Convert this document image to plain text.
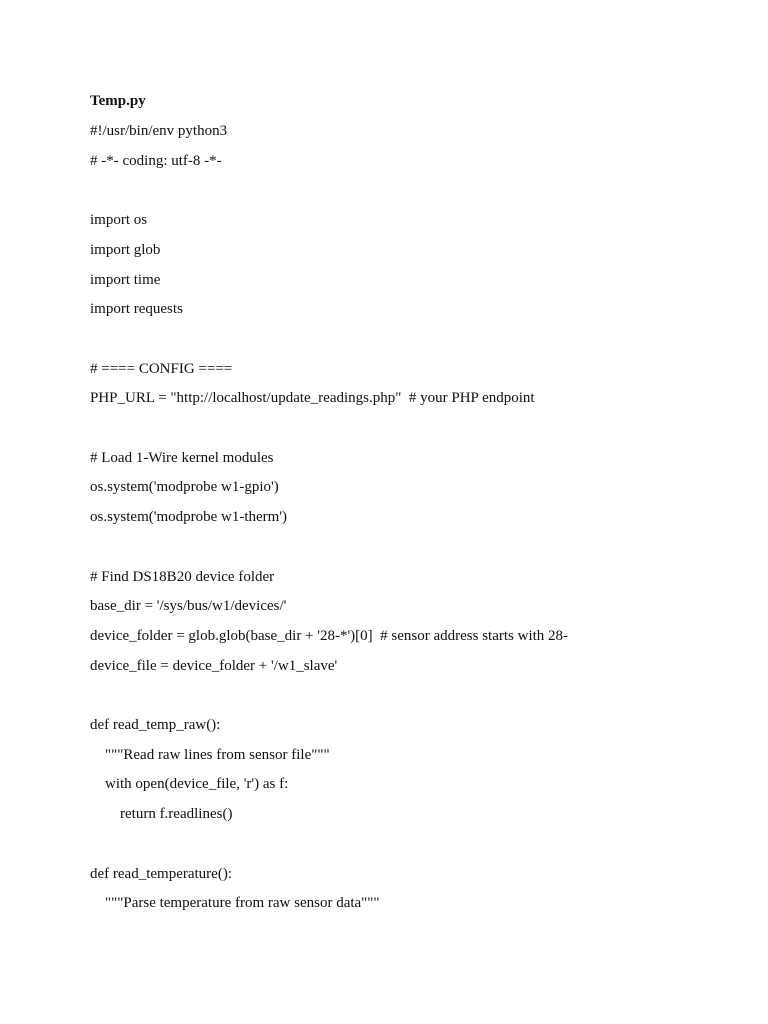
Temp.py
#!/usr/bin/env python3
# -*- coding: utf-8 -*-
import os
import glob
import time
import requests
# ==== CONFIG ====
PHP_URL = "http://localhost/update_readings.php"  # your PHP endpoint
# Load 1-Wire kernel modules
os.system('modprobe w1-gpio')
os.system('modprobe w1-therm')
# Find DS18B20 device folder
base_dir = '/sys/bus/w1/devices/'
device_folder = glob.glob(base_dir + '28-*')[0]  # sensor address starts with 28-
device_file = device_folder + '/w1_slave'
def read_temp_raw():
"""Read raw lines from sensor file"""
with open(device_file, 'r') as f:
return f.readlines()
def read_temperature():
"""Parse temperature from raw sensor data"""
